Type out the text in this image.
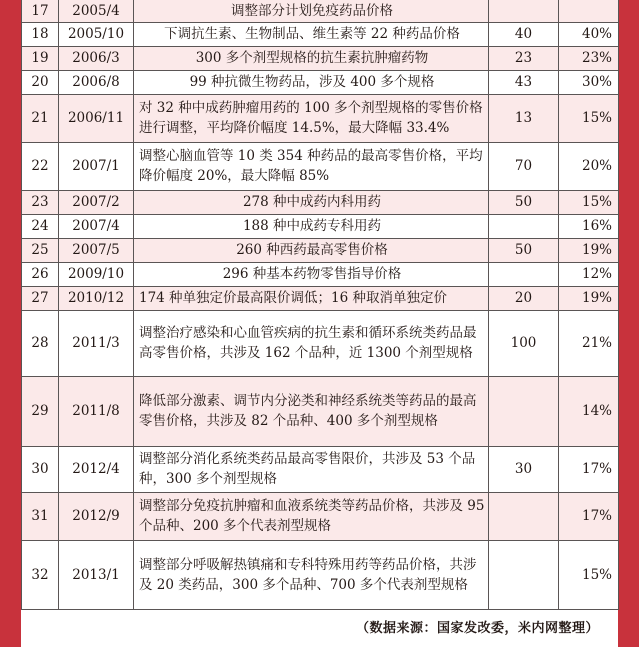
17	2005/4	调整部分计划免疫药品价格		
18	2005/10	下调抗生素、生物制品、维生素等 22 种药品价格	40	40%
19	2006/3	300 多个剂型规格的抗生素抗肿瘤药物	23	23%
20	2006/8	99 种抗微生物药品，涉及 400 多个规格	43	30%
21	2006/11	对 32 种中成药肿瘤用药的 100 多个剂型规格的零售价格进行调整，平均降价幅度 14.5%，最大降幅 33.4%	13	15%
22	2007/1	调整心脑血管等 10 类 354 种药品的最高零售价格，平均降价幅度 20%，最大降幅 85%	70	20%
23	2007/2	278 种中成药内科用药	50	15%
24	2007/4	188 种中成药专科用药		16%
25	2007/5	260 种西药最高零售价格	50	19%
26	2009/10	296 种基本药物零售指导价格		12%
27	2010/12	174 种单独定价最高限价调低；16 种取消单独定价	20	19%
28	2011/3	调整治疗感染和心血管疾病的抗生素和循环系统类药品最高零售价格，共涉及 162 个品种，近 1300 个剂型规格	100	21%
29	2011/8	降低部分激素、调节内分泌类和神经系统类等药品的最高零售价格，共涉及 82 个品种、400 多个剂型规格		14%
30	2012/4	调整部分消化系统类药品最高零售限价，共涉及 53 个品种，300 多个剂型规格	30	17%
31	2012/9	调整部分免疫抗肿瘤和血液系统类等药品价格，共涉及 95 个品种、200 多个代表剂型规格		17%
32	2013/1	调整部分呼吸解热镇痛和专科特殊用药等药品价格，共涉及 20 类药品，300 多个品种、700 多个代表剂型规格		15%
（数据来源：国家发改委，米内网整理）
